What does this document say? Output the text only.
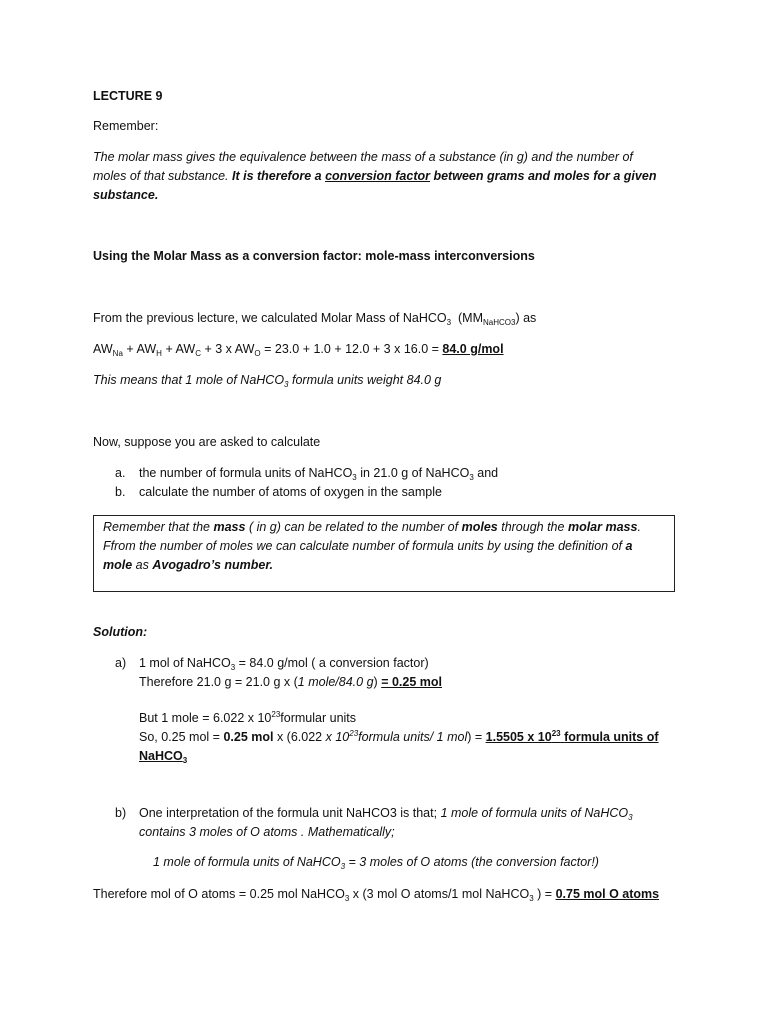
LECTURE 9
Remember:
The molar mass gives the equivalence between the mass of a substance (in g) and the number of
moles of that substance. It is therefore a conversion factor between grams and moles for a given
substance.
Using the Molar Mass as a conversion factor: mole-mass interconversions
From the previous lecture, we calculated Molar Mass of NaHCO$_3$ $(MM_{NaHCO3})$ as
$AW_{Na} + AW_H + AW_C + 3$ x $AW_O = 23.0 + 1.0 + 12.0 + 3$ x 16.0 = 84.0 g/mol
This means that 1 mole of NaHCO$_3$ formula units weight 84.0 g
Now, suppose you are asked to calculate
a. the number of formula units of NaHCO$_3$ in 21.0 g of NaHCO$_3$ and
b. calculate the number of atoms of oxygen in the sample
Remember that the mass ( in g) can be related to the number of moles through the molar mass.
Ffrom the number of moles we can calculate number of formula units by using the definition of a
mole as Avogadro’s number.
Solution:
a) 1 mol of NaHCO$_3$ = 84.0 g/mol ( a conversion factor)
Therefore 21.0 g = 21.0 g x (1 mole/84.0 g) = 0.25 mol
But 1 mole = 6.022 x $10^{23}formular$ units
So, 0.25 mol = 0.25 mol x (6.022 x $10^{23}formula$ units/ 1 mol) = 1.5505 x $10^{23}$ formula units of
NaHCO$_3$
b) One interpretation of the formula unit NaHCO3 is that; 1 mole of formula units of NaHCO$_3$
contains 3 moles of O atoms . Mathematically;
1 mole of formula units of NaHCO$_3$ = 3 moles of O atoms (the conversion factor!)
Therefore mol of O atoms = 0.25 mol NaHCO$_3$ x (3 mol O atoms/1 mol NaHCO$_3$ ) = 0.75 mol O atoms
